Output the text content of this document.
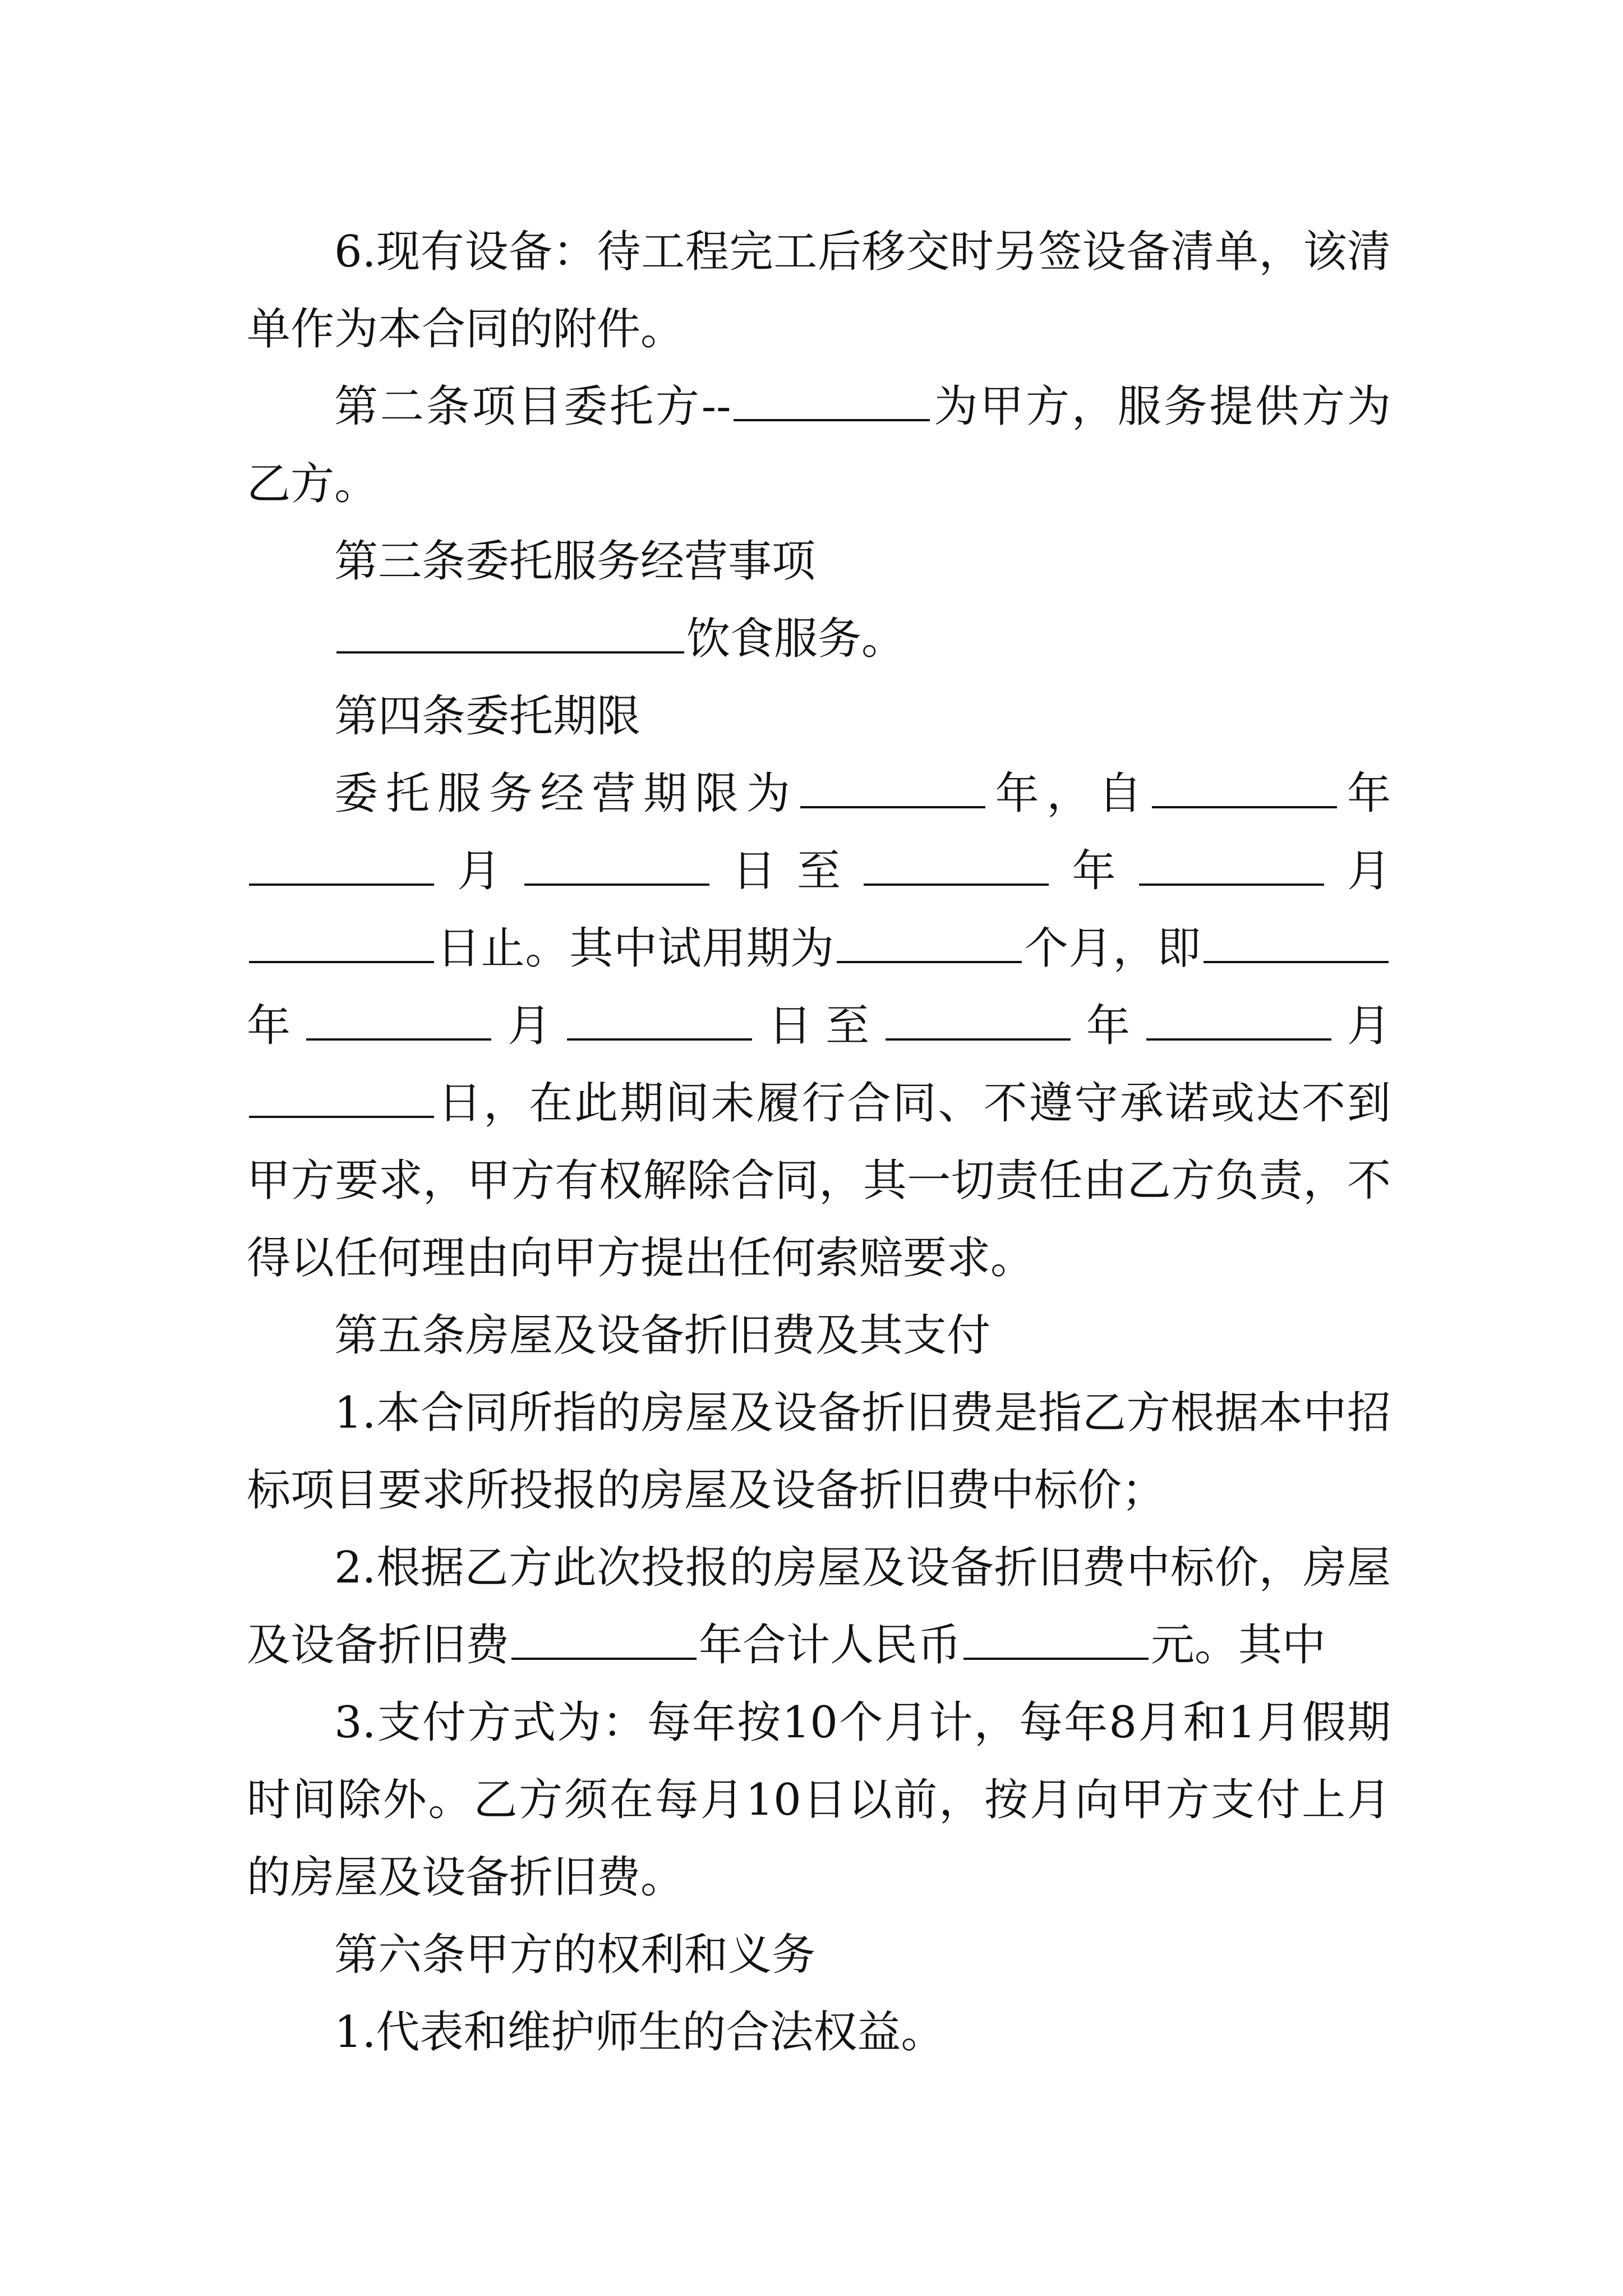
6.现有设备：待工程完工后移交时另签设备清单，该清单作为本合同的附件。

第二条项目委托方--	为甲方，服务提供方为乙方。

第三条委托服务经营事项

饮食服务。

第四条委托期限

委托服务经营期限为	年，自	年月	日至	年	月日止。其中试用期为	个月，即年	月	日至	年	月日，在此期间未履行合同、不遵守承诺或达不到甲方要求，甲方有权解除合同，其一切责任由乙方负责，不得以任何理由向甲方提出任何索赔要求。

第五条房屋及设备折旧费及其支付

1.本合同所指的房屋及设备折旧费是指乙方根据本中招标项目要求所投报的房屋及设备折旧费中标价；

2.根据乙方此次投报的房屋及设备折旧费中标价，房屋及设备折旧费	年合计人民币	元。其中

3.支付方式为：每年按10个月计，每年8月和1月假期时间除外。乙方须在每月10日以前，按月向甲方支付上月的房屋及设备折旧费。

第六条甲方的权利和义务

1.代表和维护师生的合法权益。
